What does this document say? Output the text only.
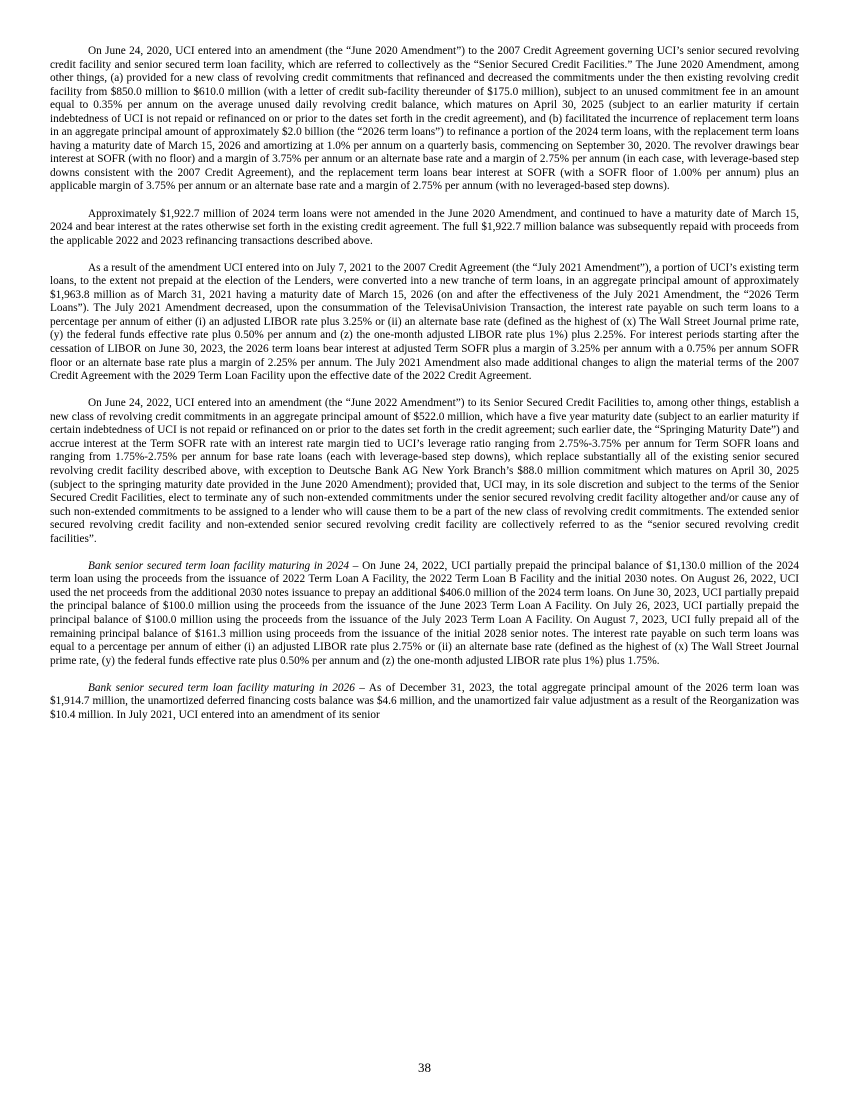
On June 24, 2020, UCI entered into an amendment (the “June 2020 Amendment”) to the 2007 Credit Agreement governing UCI’s senior secured revolving credit facility and senior secured term loan facility, which are referred to collectively as the “Senior Secured Credit Facilities.” The June 2020 Amendment, among other things, (a) provided for a new class of revolving credit commitments that refinanced and decreased the commitments under the then existing revolving credit facility from $850.0 million to $610.0 million (with a letter of credit sub-facility thereunder of $175.0 million), subject to an unused commitment fee in an amount equal to 0.35% per annum on the average unused daily revolving credit balance, which matures on April 30, 2025 (subject to an earlier maturity if certain indebtedness of UCI is not repaid or refinanced on or prior to the dates set forth in the credit agreement), and (b) facilitated the incurrence of replacement term loans in an aggregate principal amount of approximately $2.0 billion (the “2026 term loans”) to refinance a portion of the 2024 term loans, with the replacement term loans having a maturity date of March 15, 2026 and amortizing at 1.0% per annum on a quarterly basis, commencing on September 30, 2020. The revolver drawings bear interest at SOFR (with no floor) and a margin of 3.75% per annum or an alternate base rate and a margin of 2.75% per annum (in each case, with leverage-based step downs consistent with the 2007 Credit Agreement), and the replacement term loans bear interest at SOFR (with a SOFR floor of 1.00% per annum) plus an applicable margin of 3.75% per annum or an alternate base rate and a margin of 2.75% per annum (with no leveraged-based step downs).

Approximately $1,922.7 million of 2024 term loans were not amended in the June 2020 Amendment, and continued to have a maturity date of March 15, 2024 and bear interest at the rates otherwise set forth in the existing credit agreement. The full $1,922.7 million balance was subsequently repaid with proceeds from the applicable 2022 and 2023 refinancing transactions described above.

As a result of the amendment UCI entered into on July 7, 2021 to the 2007 Credit Agreement (the “July 2021 Amendment”), a portion of UCI’s existing term loans, to the extent not prepaid at the election of the Lenders, were converted into a new tranche of term loans, in an aggregate principal amount of approximately $1,963.8 million as of March 31, 2021 having a maturity date of March 15, 2026 (on and after the effectiveness of the July 2021 Amendment, the “2026 Term Loans”). The July 2021 Amendment decreased, upon the consummation of the TelevisaUnivision Transaction, the interest rate payable on such term loans to a percentage per annum of either (i) an adjusted LIBOR rate plus 3.25% or (ii) an alternate base rate (defined as the highest of (x) The Wall Street Journal prime rate, (y) the federal funds effective rate plus 0.50% per annum and (z) the one-month adjusted LIBOR rate plus 1%) plus 2.25%. For interest periods starting after the cessation of LIBOR on June 30, 2023, the 2026 term loans bear interest at adjusted Term SOFR plus a margin of 3.25% per annum with a 0.75% per annum SOFR floor or an alternate base rate plus a margin of 2.25% per annum. The July 2021 Amendment also made additional changes to align the material terms of the 2007 Credit Agreement with the 2029 Term Loan Facility upon the effective date of the 2022 Credit Agreement.

On June 24, 2022, UCI entered into an amendment (the “June 2022 Amendment”) to its Senior Secured Credit Facilities to, among other things, establish a new class of revolving credit commitments in an aggregate principal amount of $522.0 million, which have a five year maturity date (subject to an earlier maturity if certain indebtedness of UCI is not repaid or refinanced on or prior to the dates set forth in the credit agreement; such earlier date, the “Springing Maturity Date”) and accrue interest at the Term SOFR rate with an interest rate margin tied to UCI’s leverage ratio ranging from 2.75%-3.75% per annum for Term SOFR loans and ranging from 1.75%-2.75% per annum for base rate loans (each with leverage-based step downs), which replace substantially all of the existing senior secured revolving credit facility described above, with exception to Deutsche Bank AG New York Branch’s $88.0 million commitment which matures on April 30, 2025 (subject to the springing maturity date provided in the June 2020 Amendment); provided that, UCI may, in its sole discretion and subject to the terms of the Senior Secured Credit Facilities, elect to terminate any of such non-extended commitments under the senior secured revolving credit facility altogether and/or cause any of such non-extended commitments to be assigned to a lender who will cause them to be a part of the new class of revolving credit commitments. The extended senior secured revolving credit facility and non-extended senior secured revolving credit facility are collectively referred to as the “senior secured revolving credit facilities”.

Bank senior secured term loan facility maturing in 2024 – On June 24, 2022, UCI partially prepaid the principal balance of $1,130.0 million of the 2024 term loan using the proceeds from the issuance of 2022 Term Loan A Facility, the 2022 Term Loan B Facility and the initial 2030 notes. On August 26, 2022, UCI used the net proceeds from the additional 2030 notes issuance to prepay an additional $406.0 million of the 2024 term loans. On June 30, 2023, UCI partially prepaid the principal balance of $100.0 million using the proceeds from the issuance of the June 2023 Term Loan A Facility. On July 26, 2023, UCI partially prepaid the principal balance of $100.0 million using the proceeds from the issuance of the July 2023 Term Loan A Facility. On August 7, 2023, UCI fully prepaid all of the remaining principal balance of $161.3 million using proceeds from the issuance of the initial 2028 senior notes. The interest rate payable on such term loans was equal to a percentage per annum of either (i) an adjusted LIBOR rate plus 2.75% or (ii) an alternate base rate (defined as the highest of (x) The Wall Street Journal prime rate, (y) the federal funds effective rate plus 0.50% per annum and (z) the one-month adjusted LIBOR rate plus 1%) plus 1.75%.

Bank senior secured term loan facility maturing in 2026 – As of December 31, 2023, the total aggregate principal amount of the 2026 term loan was $1,914.7 million, the unamortized deferred financing costs balance was $4.6 million, and the unamortized fair value adjustment as a result of the Reorganization was $10.4 million. In July 2021, UCI entered into an amendment of its senior

38
